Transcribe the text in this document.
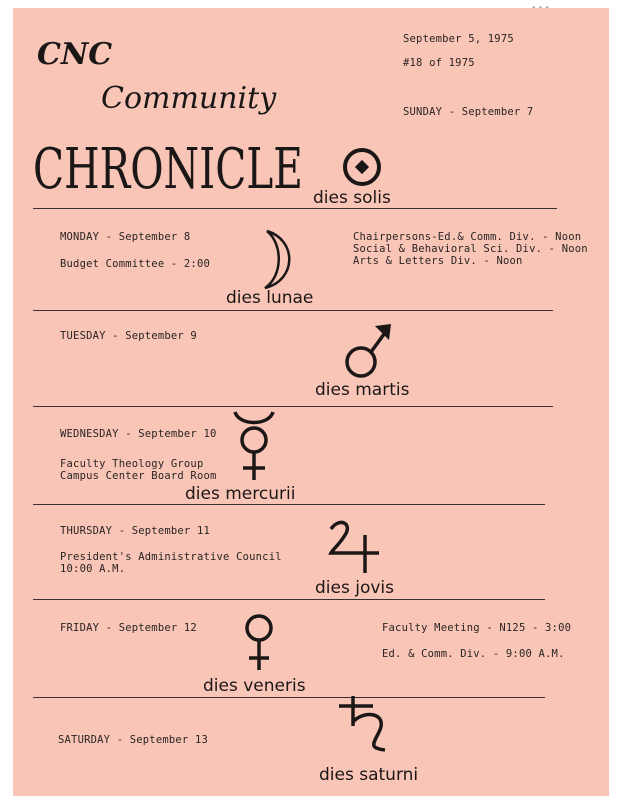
- - -
CNC
Community
CHRONICLE
September 5, 1975
#18 of 1975
SUNDAY - September 7
dies solis
MONDAY - September 8
Budget Committee - 2:00
Chairpersons-Ed.& Comm. Div. - Noon
Social & Behavioral Sci. Div. - Noon
Arts & Letters Div. - Noon
dies lunae
TUESDAY - September 9
dies martis
WEDNESDAY - September 10
Faculty Theology Group
Campus Center Board Room
dies mercurii
THURSDAY - September 11
President's Administrative Council
10:00 A.M.
dies jovis
FRIDAY - September 12	Faculty Meeting - N125 - 3:00
Ed. & Comm. Div. - 9:00 A.M.
dies veneris
SATURDAY - September 13
dies saturni
